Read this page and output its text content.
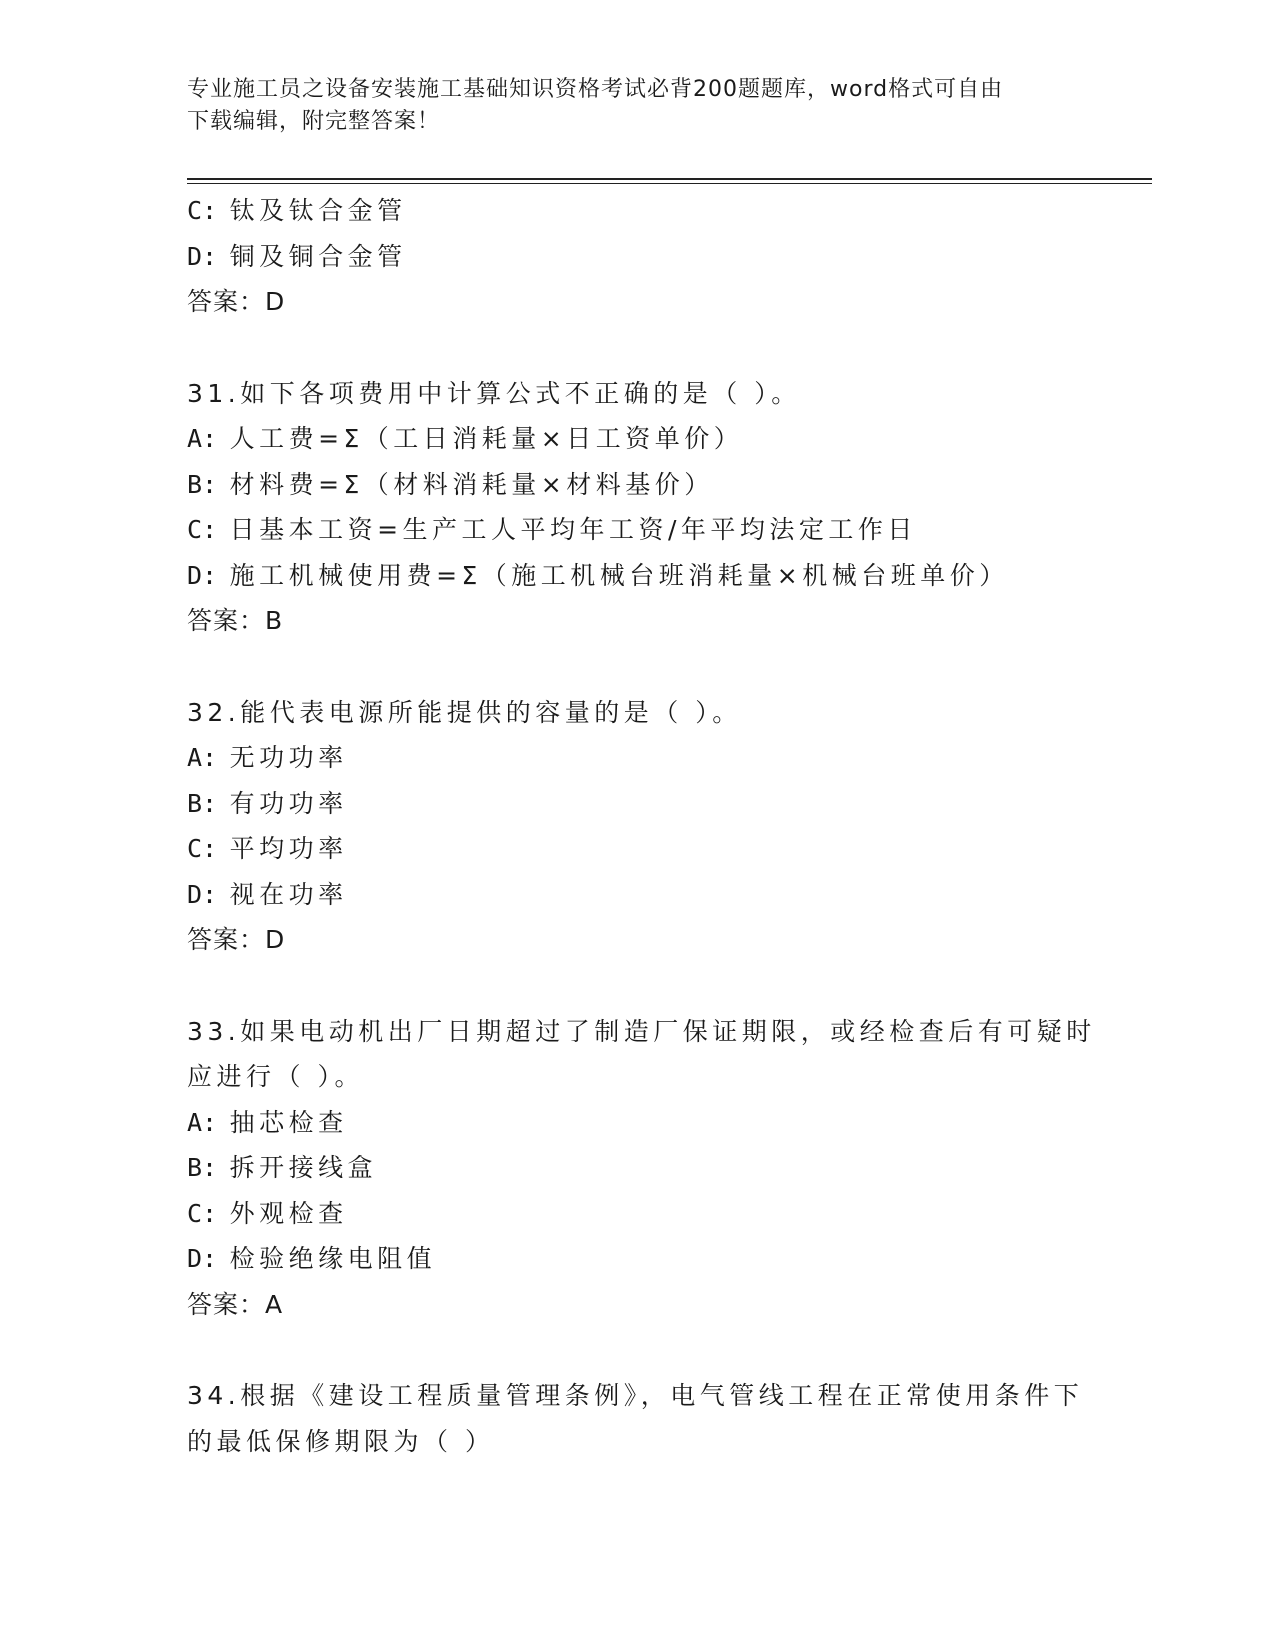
专业施工员之设备安装施工基础知识资格考试必背200题题库，word格式可自由
下载编辑，附完整答案！
C: 钛及钛合金管
D: 铜及铜合金管
答案：D
31.如下各项费用中计算公式不正确的是（ ）。
A: 人工费=Σ（工日消耗量×日工资单价）
B: 材料费=Σ（材料消耗量×材料基价）
C: 日基本工资=生产工人平均年工资/年平均法定工作日
D: 施工机械使用费=Σ（施工机械台班消耗量×机械台班单价）
答案：B
32.能代表电源所能提供的容量的是（ ）。
A: 无功功率
B: 有功功率
C: 平均功率
D: 视在功率
答案：D
33.如果电动机出厂日期超过了制造厂保证期限，或经检查后有可疑时
应进行（ ）。
A: 抽芯检查
B: 拆开接线盒
C: 外观检查
D: 检验绝缘电阻值
答案：A
34.根据《建设工程质量管理条例》，电气管线工程在正常使用条件下
的最低保修期限为（ ）
